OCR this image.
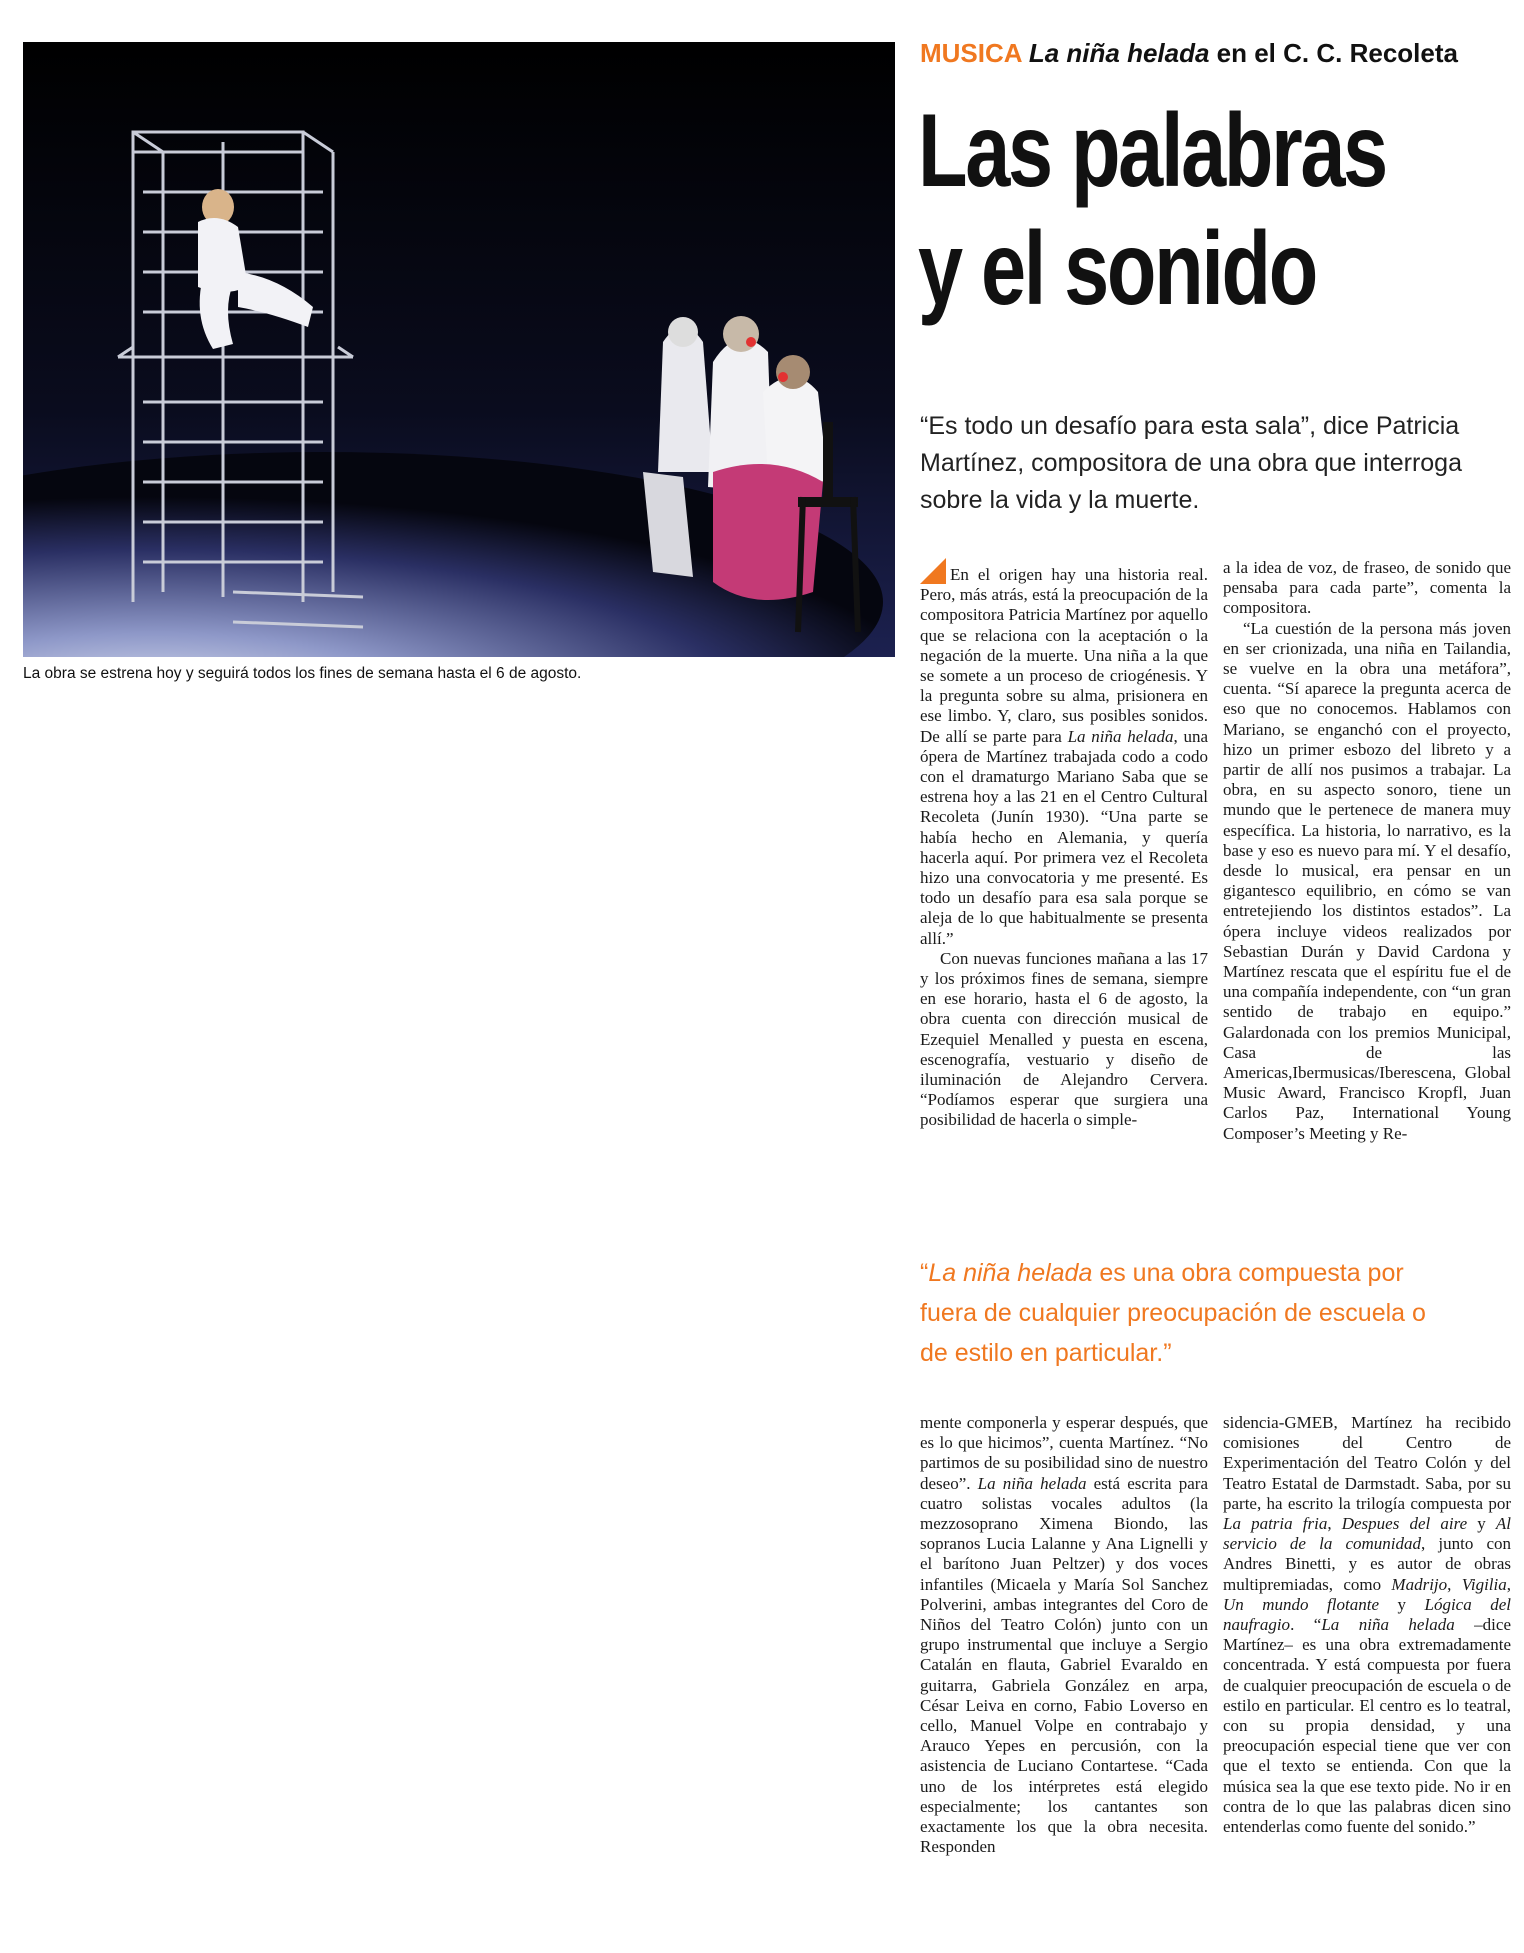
La obra se estrena hoy y seguirá todos los fines de semana hasta el 6 de agosto.
MUSICA La niña helada en el C. C. Recoleta
Las palabras
y el sonido
“Es todo un desafío para esta sala”, dice Patricia Martínez, compositora de una obra que interroga sobre la vida y la muerte.

En el origen hay una historia real. Pero, más atrás, está la preocupación de la compositora Patricia Martínez por aquello que se relaciona con la aceptación o la negación de la muerte. Una niña a la que se somete a un proceso de criogénesis. Y la pregunta sobre su alma, prisionera en ese limbo. Y, claro, sus posibles sonidos. De allí se parte para La niña helada, una ópera de Martínez trabajada codo a codo con el dramaturgo Mariano Saba que se estrena hoy a las 21 en el Centro Cultural Recoleta (Junín 1930). “Una parte se había hecho en Alemania, y quería hacerla aquí. Por primera vez el Recoleta hizo una convocatoria y me presenté. Es todo un desafío para esa sala porque se aleja de lo que habitualmente se presenta allí.”

Con nuevas funciones mañana a las 17 y los próximos fines de semana, siempre en ese horario, hasta el 6 de agosto, la obra cuenta con dirección musical de Ezequiel Menalled y puesta en escena, escenografía, vestuario y diseño de iluminación de Alejandro Cervera. “Podíamos esperar que surgiera una posibilidad de hacerla o simple-

a la idea de voz, de fraseo, de sonido que pensaba para cada parte”, comenta la compositora.

“La cuestión de la persona más joven en ser crionizada, una niña en Tailandia, se vuelve en la obra una metáfora”, cuenta. “Sí aparece la pregunta acerca de eso que no conocemos. Hablamos con Mariano, se enganchó con el proyecto, hizo un primer esbozo del libreto y a partir de allí nos pusimos a trabajar. La obra, en su aspecto sonoro, tiene un mundo que le pertenece de manera muy específica. La historia, lo narrativo, es la base y eso es nuevo para mí. Y el desafío, desde lo musical, era pensar en un gigantesco equilibrio, en cómo se van entretejiendo los distintos estados”. La ópera incluye videos realizados por Sebastian Durán y David Cardona y Martínez rescata que el espíritu fue el de una compañía independente, con “un gran sentido de trabajo en equipo.” Galardonada con los premios Municipal, Casa de las Americas,Ibermusicas/Iberescena, Global Music Award, Francisco Kropfl, Juan Carlos Paz, International Young Composer’s Meeting y Re-

“La niña helada es una obra compuesta por fuera de cualquier preocupación de escuela o de estilo en particular.”

mente componerla y esperar después, que es lo que hicimos”, cuenta Martínez. “No partimos de su posibilidad sino de nuestro deseo”. La niña helada está escrita para cuatro solistas vocales adultos (la mezzosoprano Ximena Biondo, las sopranos Lucia Lalanne y Ana Lignelli y el barítono Juan Peltzer) y dos voces infantiles (Micaela y María Sol Sanchez Polverini, ambas integrantes del Coro de Niños del Teatro Colón) junto con un grupo instrumental que incluye a Sergio Catalán en flauta, Gabriel Evaraldo en guitarra, Gabriela González en arpa, César Leiva en corno, Fabio Loverso en cello, Manuel Volpe en contrabajo y Arauco Yepes en percusión, con la asistencia de Luciano Contartese. “Cada uno de los intérpretes está elegido especialmente; los cantantes son exactamente los que la obra necesita. Responden

sidencia-GMEB, Martínez ha recibido comisiones del Centro de Experimentación del Teatro Colón y del Teatro Estatal de Darmstadt. Saba, por su parte, ha escrito la trilogía compuesta por La patria fria, Despues del aire y Al servicio de la comunidad, junto con Andres Binetti, y es autor de obras multipremiadas, como Madrijo, Vigilia, Un mundo flotante y Lógica del naufragio. “La niña helada –dice Martínez– es una obra extremadamente concentrada. Y está compuesta por fuera de cualquier preocupación de escuela o de estilo en particular. El centro es lo teatral, con su propia densidad, y una preocupación especial tiene que ver con que el texto se entienda. Con que la música sea la que ese texto pide. No ir en contra de lo que las palabras dicen sino entenderlas como fuente del sonido.”
